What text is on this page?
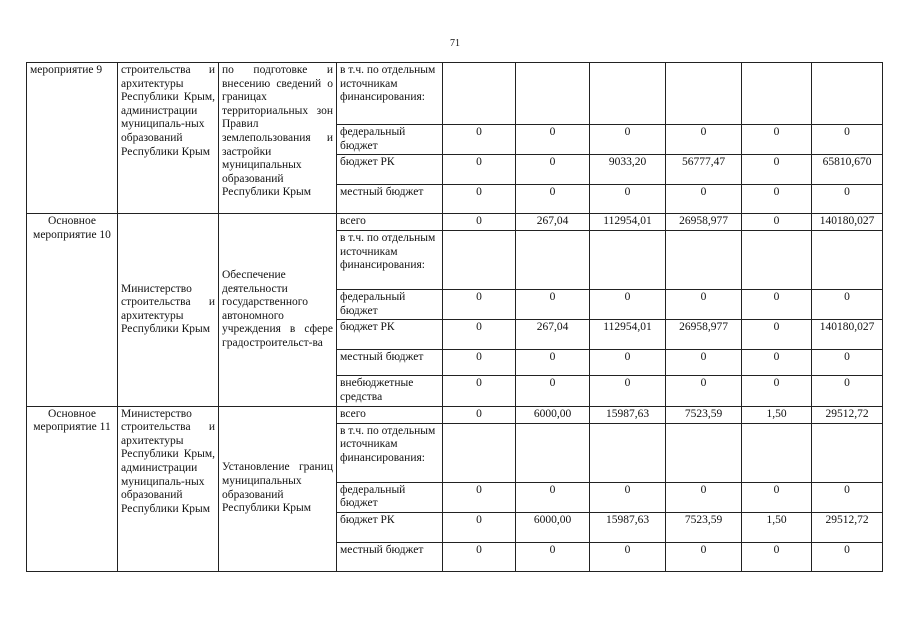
71
мероприятие 9	строительства и архитектуры Республики Крым, администрации муниципаль-ных образований Республики Крым	по подготовке и внесению сведений о границах территориальных зон Правил землепользования и застройки муниципальных образований Республики Крым	в т.ч. по отдельным источникам финансирования:						
			федеральный бюджет	0	0	0	0	0	0
			бюджет РК	0	0	9033,20	56777,47	0	65810,670
			местный бюджет	0	0	0	0	0	0
Основное мероприятие 10	Министерство строительства и архитектуры Республики Крым	Обеспечение деятельности государственного автономного учреждения в сфере градостроительст-ва	всего	0	267,04	112954,01	26958,977	0	140180,027
			в т.ч. по отдельным источникам финансирования:						
			федеральный бюджет	0	0	0	0	0	0
			бюджет РК	0	267,04	112954,01	26958,977	0	140180,027
			местный бюджет	0	0	0	0	0	0
			внебюджетные средства	0	0	0	0	0	0
Основное мероприятие 11	Министерство строительства и архитектуры Республики Крым, администрации муниципаль-ных образований Республики Крым	Установление границ муниципальных образований Республики Крым	всего	0	6000,00	15987,63	7523,59	1,50	29512,72
			в т.ч. по отдельным источникам финансирования:						
			федеральный бюджет	0	0	0	0	0	0
			бюджет РК	0	6000,00	15987,63	7523,59	1,50	29512,72
			местный бюджет	0	0	0	0	0	0
